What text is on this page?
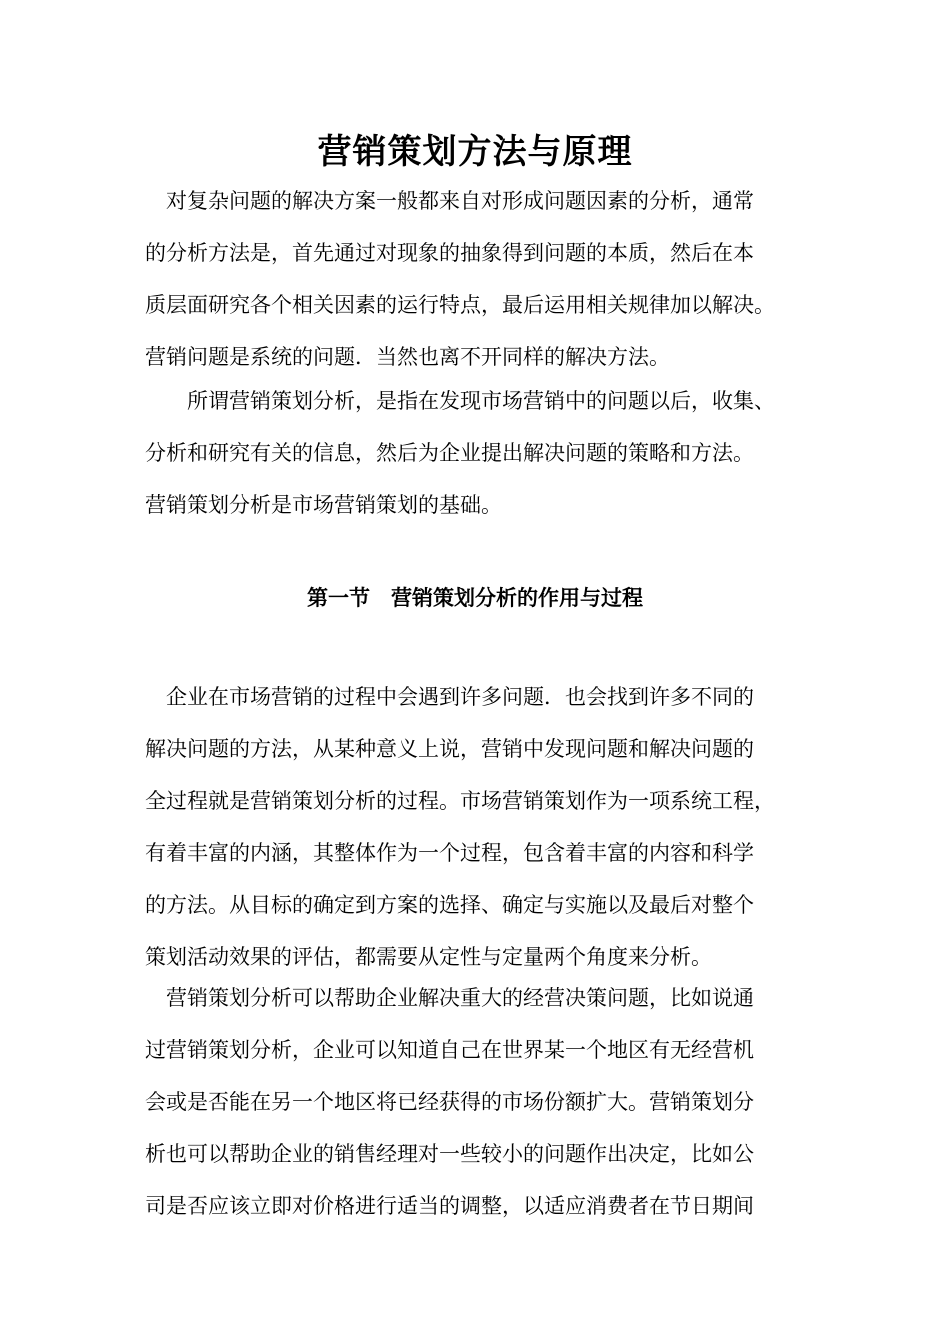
营销策划方法与原理
　对复杂问题的解决方案一般都来自对形成问题因素的分析，通常
的分析方法是，首先通过对现象的抽象得到问题的本质，然后在本
质层面研究各个相关因素的运行特点，最后运用相关规律加以解决。
营销问题是系统的问题．当然也离不开同样的解决方法。
　　所谓营销策划分析，是指在发现市场营销中的问题以后，收集、
分析和研究有关的信息，然后为企业提出解决问题的策略和方法。
营销策划分析是市场营销策划的基础。
第一节　营销策划分析的作用与过程
　企业在市场营销的过程中会遇到许多问题．也会找到许多不同的
解决问题的方法，从某种意义上说，营销中发现问题和解决问题的
全过程就是营销策划分析的过程。市场营销策划作为一项系统工程，
有着丰富的内涵，其整体作为一个过程，包含着丰富的内容和科学
的方法。从目标的确定到方案的选择、确定与实施以及最后对整个
策划活动效果的评估，都需要从定性与定量两个角度来分析。
　营销策划分析可以帮助企业解决重大的经营决策问题，比如说通
过营销策划分析，企业可以知道自己在世界某一个地区有无经营机
会或是否能在另一个地区将已经获得的市场份额扩大。营销策划分
析也可以帮助企业的销售经理对一些较小的问题作出决定，比如公
司是否应该立即对价格进行适当的调整，以适应消费者在节日期间
